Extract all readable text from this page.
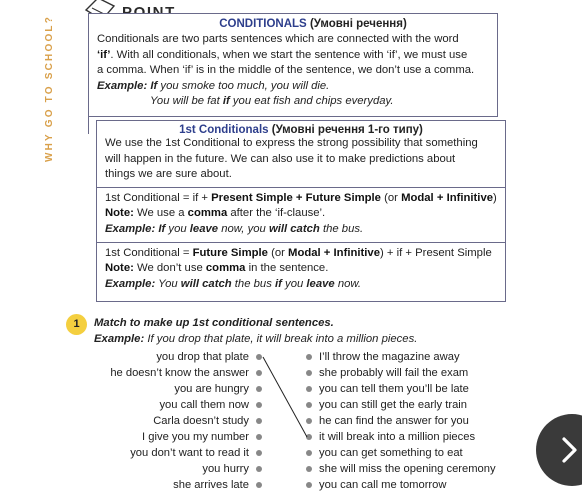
WHY GO TO SCHOOL?	CONDITIONALS (Умовні речення)
Conditionals are two parts sentences which are connected with the word
‘if’. With all conditionals, when we start the sentence with ‘if’, we must use
a comma. When ‘if’ is in the middle of the sentence, we don’t use a comma.
Example: If you smoke too much, you will die.
You will be fat if you eat fish and chips everyday.
1st Conditionals (Умовні речення 1-го типу)
We use the 1st Conditional to express the strong possibility that something
will happen in the future. We can also use it to make predictions about
things we are sure about.
1st Conditional = if + Present Simple + Future Simple (or Modal + Infinitive)
Note: We use a comma after the ‘if-clause’.
Example: If you leave now, you will catch the bus.
1st Conditional = Future Simple (or Modal + Infinitive) + if + Present Simple
Note: We don’t use comma in the sentence.
Example: You will catch the bus if you leave now.
1	Match to make up 1st conditional sentences.
Example: If you drop that plate, it will break into a million pieces.
you drop that plate
he doesn’t know the answer
you are hungry
you call them now
Carla doesn’t study
I give you my number
you don’t want to read it
you hurry
she arrives late
I’ll throw the magazine away
she probably will fail the exam
you can tell them you’ll be late
you can still get the early train
he can find the answer for you
it will break into a million pieces
you can get something to eat
she will miss the opening ceremony
you can call me tomorrow
